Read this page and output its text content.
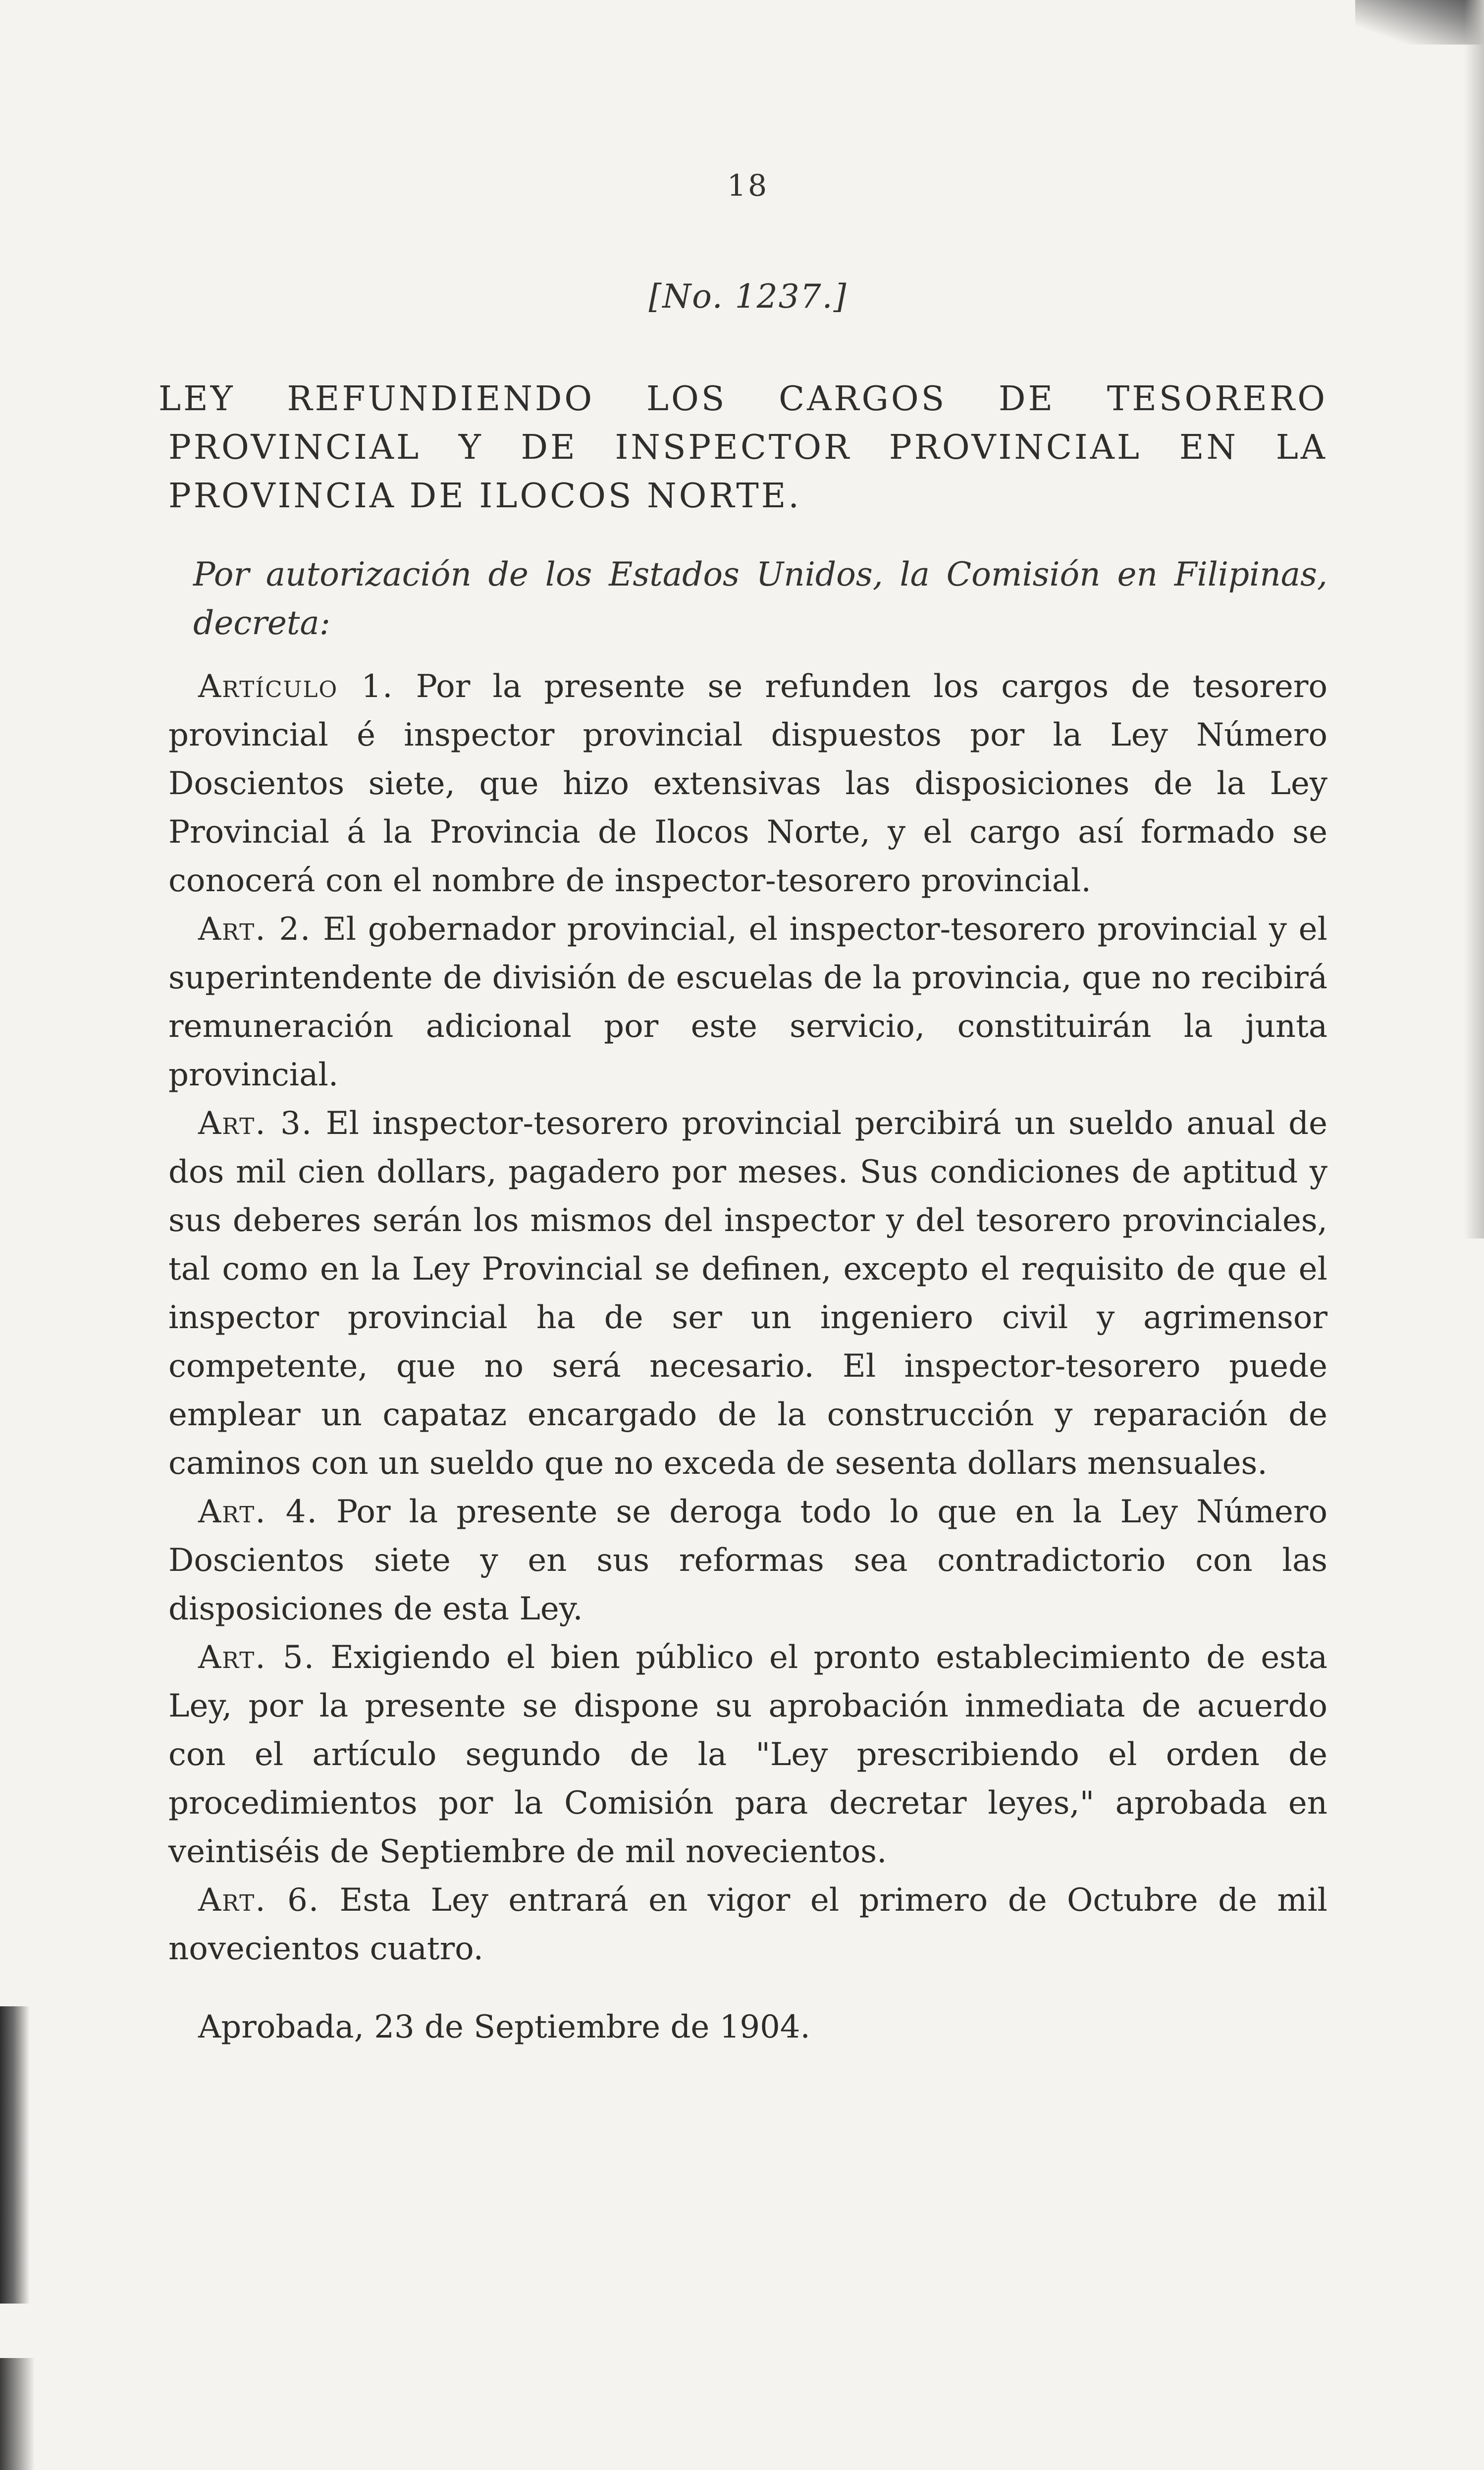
18
[No. 1237.]
LEY REFUNDIENDO LOS CARGOS DE TESORERO PROVINCIAL Y DE INSPECTOR PROVINCIAL EN LA PROVINCIA DE ILOCOS NORTE.
Por autorización de los Estados Unidos, la Comisión en Filipinas, decreta:

Artículo 1. Por la presente se refunden los cargos de tesorero provincial é inspector provincial dispuestos por la Ley Número Doscientos siete, que hizo extensivas las disposiciones de la Ley Provincial á la Provincia de Ilocos Norte, y el cargo así formado se conocerá con el nombre de inspector-tesorero provincial.

Art. 2. El gobernador provincial, el inspector-tesorero provincial y el superintendente de división de escuelas de la provincia, que no recibirá remuneración adicional por este servicio, constituirán la junta provincial.

Art. 3. El inspector-tesorero provincial percibirá un sueldo anual de dos mil cien dollars, pagadero por meses. Sus condiciones de aptitud y sus deberes serán los mismos del inspector y del tesorero provinciales, tal como en la Ley Provincial se definen, excepto el requisito de que el inspector provincial ha de ser un ingeniero civil y agrimensor competente, que no será necesario. El inspector-tesorero puede emplear un capataz encargado de la construcción y reparación de caminos con un sueldo que no exceda de sesenta dollars mensuales.

Art. 4. Por la presente se deroga todo lo que en la Ley Número Doscientos siete y en sus reformas sea contradictorio con las disposiciones de esta Ley.

Art. 5. Exigiendo el bien público el pronto establecimiento de esta Ley, por la presente se dispone su aprobación inmediata de acuerdo con el artículo segundo de la "Ley prescribiendo el orden de procedimientos por la Comisión para decretar leyes," aprobada en veintiséis de Septiembre de mil novecientos.

Art. 6. Esta Ley entrará en vigor el primero de Octubre de mil novecientos cuatro.

Aprobada, 23 de Septiembre de 1904.
